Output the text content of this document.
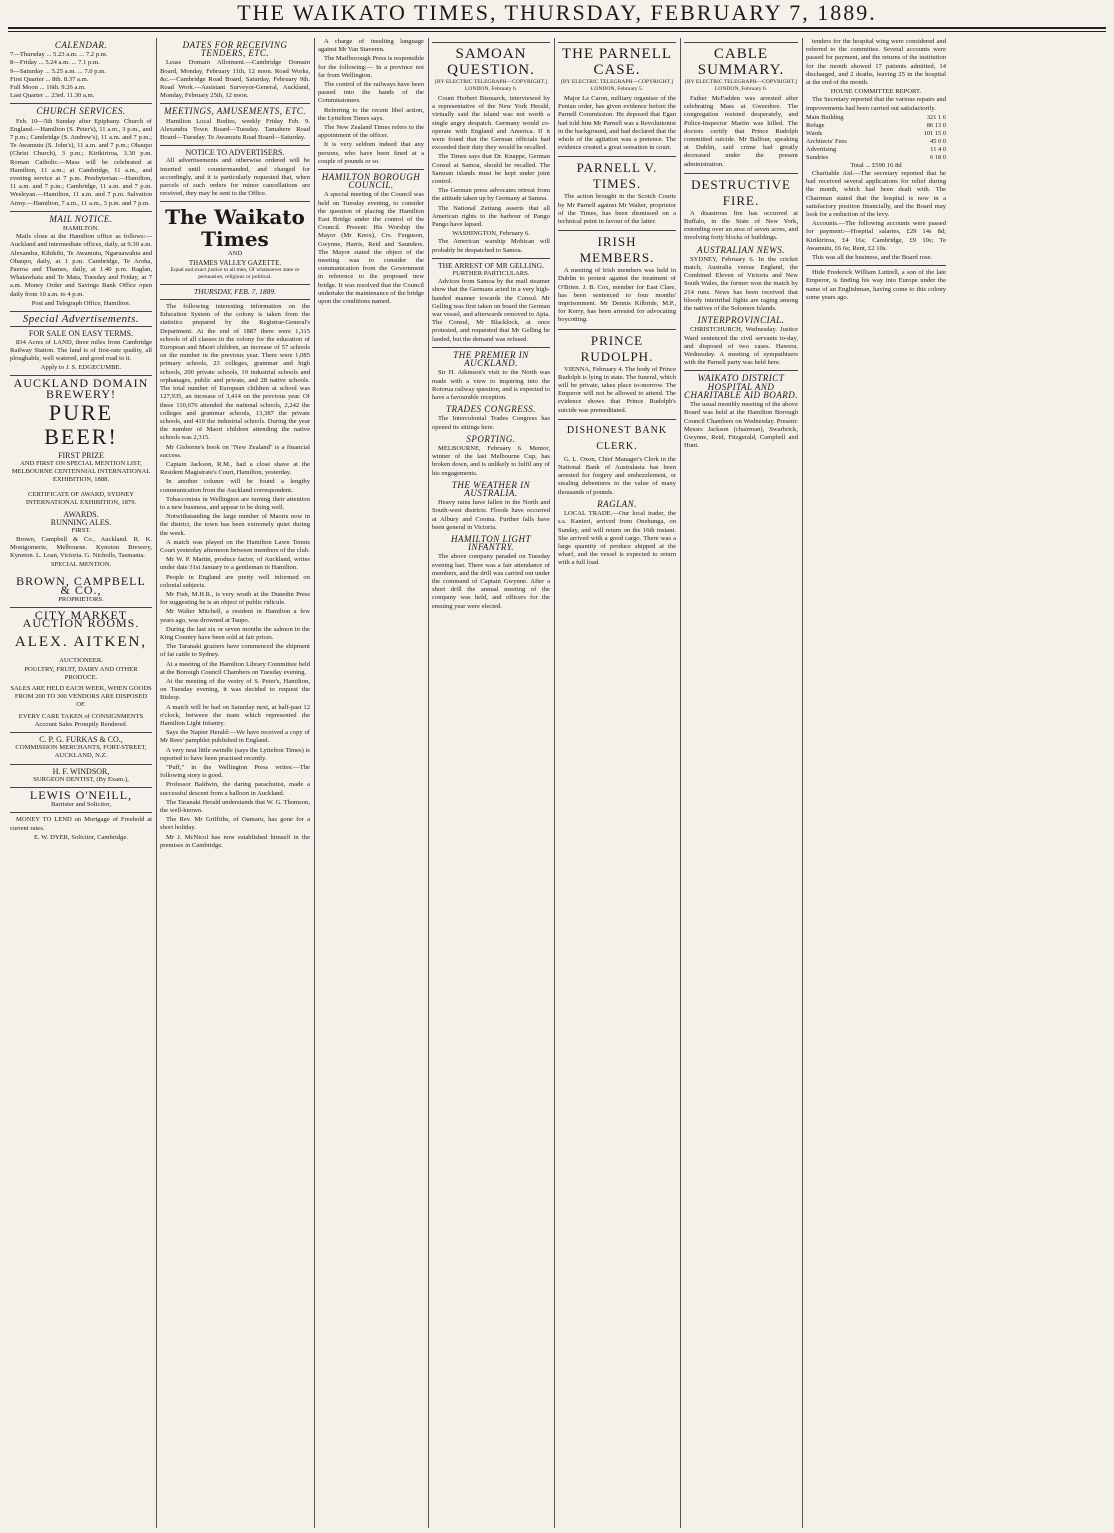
THE WAIKATO TIMES, THURSDAY, FEBRUARY 7, 1889.
CALENDAR.
7—Thursday ... 5.23 a.m. ... 7.2 p.m.
8—Friday ... 5.24 a.m. ... 7.1 p.m.
9—Saturday ... 5.25 a.m. ... 7.0 p.m.
First Quarter ... 8th. 8.37 a.m.
Full Moon ... 16th. 9.26 a.m.
Last Quarter ... 23rd. 11.30 a.m.
CHURCH SERVICES.

Feb. 10—5th Sunday after Epiphany. Church of England.—Hamilton (S. Peter's), 11 a.m., 3 p.m., and 7 p.m.; Cambridge (S. Andrew's), 11 a.m. and 7 p.m.; Te Awamutu (S. John's), 11 a.m. and 7 p.m.; Ohaupo (Christ Church), 3 p.m.; Kirikiriroa, 3.30 p.m. Roman Catholic.—Mass will be celebrated at Hamilton, 11 a.m.; at Cambridge, 11 a.m., and evening service at 7 p.m. Presbyterian.—Hamilton, 11 a.m. and 7 p.m.; Cambridge, 11 a.m. and 7 p.m. Wesleyan.—Hamilton, 11 a.m. and 7 p.m. Salvation Army.—Hamilton, 7 a.m., 11 a.m., 3 p.m. and 7 p.m.

MAIL NOTICE.
HAMILTON.

Mails close at the Hamilton office as follows:— Auckland and intermediate offices, daily, at 9.30 a.m. Alexandra, Kihikihi, Te Awamutu, Ngaruawahia and Ohaupo, daily, at 1 p.m. Cambridge, Te Aroha, Paeroa and Thames, daily, at 1.40 p.m. Raglan, Whatawhata and Te Mata, Tuesday and Friday, at 7 a.m. Money Order and Savings Bank Office open daily from 10 a.m. to 4 p.m.

Post and Telegraph Office, Hamilton.
Special Advertisements.
FOR SALE ON EASY TERMS.

834 Acres of LAND, three miles from Cambridge Railway Station. The land is of first-rate quality, all ploughable, well watered, and good road to it.

Apply to J. S. EDGECUMBE.
AUCKLAND DOMAIN
BREWERY!
PURE BEER!
FIRST PRIZE
AND FIRST ON SPECIAL MENTION LIST, MELBOURNE CENTENNIAL INTERNATIONAL EXHIBITION, 1888.
CERTIFICATE OF AWARD, SYDNEY INTERNATIONAL EXHIBITION, 1879.
AWARDS.
RUNNING ALES.
FIRST.

Brown, Campbell & Co., Auckland. R. K. Montgomerie, Melbourne. Kynoton Brewery, Kyneton. L. Loan, Victoria. G. Nicholls, Tasmania.

SPECIAL MENTION.
BROWN, CAMPBELL & CO.,
PROPRIETORS.
CITY MARKET AUCTION ROOMS.
ALEX. AITKEN,
AUCTIONEER.
POULTRY, FRUIT, DAIRY AND OTHER PRODUCE.
SALES ARE HELD EACH WEEK, WHEN GOODS FROM 200 TO 300 VENDORS ARE DISPOSED OF.
EVERY CARE TAKEN of CONSIGNMENTS
Account Sales Promptly Rendered.
C. P. G. FURKAS & CO.,
COMMISSION MERCHANTS, FORT-STREET, AUCKLAND, N.Z.
H. F. WINDSOR,
SURGEON DENTIST, (By Exam.),
LEWIS O'NEILL,
Barrister and Solicitor,

MONEY TO LEND on Mortgage of Freehold at current rates.

E. W. DYER, Solicitor, Cambridge.
DATES FOR RECEIVING TENDERS, ETC.

Lease Domain Allotment.—Cambridge Domain Board, Monday, February 11th, 12 noon. Road Works, &c.—Cambridge Road Board, Saturday, February 9th. Road Work.—Assistant Surveyor-General, Auckland, Monday, February 25th, 12 noon.

MEETINGS, AMUSEMENTS, ETC.

Hamilton Local Bodies, weekly Friday Feb. 9. Alexandra Town Board—Tuesday. Tamahere Road Board—Tuesday. Te Awamutu Road Board—Saturday.

NOTICE TO ADVERTISERS.

All advertisements and otherwise ordered will be inserted until countermanded, and charged for accordingly, and it is particularly requested that, when parcels of such orders for minor cancellations are received, they may be sent to the Office.

The Waikato Times
AND
THAMES VALLEY GAZETTE.
Equal and exact justice to all men, Of whatsoever state or persuasion, religious or political.
THURSDAY, FEB. 7, 1889.

The following interesting information on the Education System of the colony is taken from the statistics prepared by the Registrar-General's Department. At the end of 1887 there were 1,315 schools of all classes in the colony for the education of European and Maori children, an increase of 57 schools on the number in the previous year. There were 1,085 primary schools, 23 colleges, grammar and high schools, 200 private schools, 10 industrial schools and orphanages, public and private, and 28 native schools. The total number of European children at school was 127,935, an increase of 3,414 on the previous year. Of these 110,676 attended the national schools, 2,242 the colleges and grammar schools, 13,387 the private schools, and 410 the industrial schools. During the year the number of Maori children attending the native schools was 2,315.

Mr Gisborne's book on "New Zealand" is a financial success.

Captain Jackson, R.M., had a close shave at the Resident Magistrate's Court, Hamilton, yesterday.

In another column will be found a lengthy communication from the Auckland correspondent.

Tobacconists in Wellington are turning their attention to a new business, and appear to be doing well.

Notwithstanding the large number of Maoris now in the district, the town has been extremely quiet during the week.

A match was played on the Hamilton Lawn Tennis Court yesterday afternoon between members of the club.

Mr W. P. Martin, produce factor, of Auckland, writes under date 31st January to a gentleman in Hamilton.

People in England are pretty well informed on colonial subjects.

Mr Fish, M.H.R., is very wrath at the Dunedin Press for suggesting he is an object of public ridicule.

Mr Walter Mitchell, a resident in Hamilton a few years ago, was drowned at Taupo.

During the last six or seven months the salmon in the King Country have been sold at fair prices.

The Taranaki graziers have commenced the shipment of fat cattle to Sydney.

At a meeting of the Hamilton Library Committee held at the Borough Council Chambers on Tuesday evening.

At the meeting of the vestry of S. Peter's, Hamilton, on Tuesday evening, it was decided to request the Bishop.

A match will be had on Saturday next, at half-past 12 o'clock, between the team which represented the Hamilton Light Infantry.

Says the Napier Herald:—We have received a copy of Mr Rees' pamphlet published in England.

A very neat little swindle (says the Lyttelton Times) is reported to have been practised recently.

"Puff," in the Wellington Press writes:—The following story is good.

Professor Baldwin, the daring parachutist, made a successful descent from a balloon in Auckland.

The Taranaki Herald understands that W. G. Thomson, the well-known.

The Rev. Mr Griffiths, of Oamaru, has gone for a short holiday.

Mr J. McNicol has now established himself in the premises in Cambridge.

A charge of insulting language against Mr Van Staveren.

The Marlborough Press is responsible for the following:— In a province not far from Wellington.

The control of the railways have been passed into the hands of the Commissioners.

Referring to the recent libel action, the Lyttelton Times says.

The New Zealand Times refers to the appointment of the officer.

It is very seldom indeed that any persons, who have been fined at a couple of pounds or so.

HAMILTON BOROUGH COUNCIL.

A special meeting of the Council was held on Tuesday evening, to consider the question of placing the Hamilton East Bridge under the control of the Council. Present: His Worship the Mayor (Mr Knox), Crs. Ferguson, Gwynne, Harris, Reid and Saunders. The Mayor stated the object of the meeting was to consider the communication from the Government in reference to the proposed new bridge. It was resolved that the Council undertake the maintenance of the bridge upon the conditions named.

SAMOAN QUESTION.
[BY ELECTRIC TELEGRAPH—COPYRIGHT.] LONDON, February 6.

Count Herbert Bismarck, interviewed by a representative of the New York Herald, virtually said the island was not worth a single angry despatch. Germany would co-operate with England and America. If it were found that the German officials had exceeded their duty they would be recalled.

The Times says that Dr. Knappe, German Consul at Samoa, should be recalled. The Samoan islands must be kept under joint control.

The German press advocates retreat from the attitude taken up by Germany at Samoa.

The National Zeitung asserts that all American rights to the harbour of Pango Pango have lapsed.

WASHINGTON, February 6.

The American warship Mohican will probably be despatched to Samoa.

THE ARREST OF MR GELLING.
FURTHER PARTICULARS.

Advices from Samoa by the mail steamer show that the Germans acted in a very high-handed manner towards the Consul. Mr Gelling was first taken on board the German war vessel, and afterwards removed to Apia. The Consul, Mr Blacklock, at once protested, and requested that Mr Gelling be landed, but the demand was refused.

THE PREMIER IN AUCKLAND.

Sir H. Atkinson's visit to the North was made with a view to inquiring into the Rotorua railway question, and is expected to have a favourable reception.

TRADES CONGRESS.

The Intercolonial Trades Congress has opened its sittings here.

SPORTING.

MELBOURNE, February 6. Mentor, winner of the last Melbourne Cup, has broken down, and is unlikely to fulfil any of his engagements.

THE WEATHER IN AUSTRALIA.

Heavy rains have fallen in the North and South-west districts. Floods have occurred at Albury and Cooma. Further falls have been general in Victoria.

HAMILTON LIGHT INFANTRY.

The above company paraded on Tuesday evening last. There was a fair attendance of members, and the drill was carried out under the command of Captain Gwynne. After a short drill the annual meeting of the company was held, and officers for the ensuing year were elected.

THE PARNELL CASE.
[BY ELECTRIC TELEGRAPH—COPYRIGHT.] LONDON, February 5.

Major Le Caron, military organiser of the Fenian order, has given evidence before the Parnell Commission. He deposed that Egan had told him Mr Parnell was a Revolutionist in the background, and had declared that the whole of the agitation was a pretence. The evidence created a great sensation in court.

PARNELL V. TIMES.

The action brought in the Scotch Courts by Mr Parnell against Mr Walter, proprietor of the Times, has been dismissed on a technical point in favour of the latter.

IRISH MEMBERS.

A meeting of Irish members was held in Dublin to protest against the treatment of O'Brien. J. B. Cox, member for East Clare, has been sentenced to four months' imprisonment. Mr Dennis Kilbride, M.P., for Kerry, has been arrested for advocating boycotting.

PRINCE RUDOLPH.

VIENNA, February 4. The body of Prince Rudolph is lying in state. The funeral, which will be private, takes place to-morrow. The Emperor will not be allowed to attend. The evidence shows that Prince Rudolph's suicide was premeditated.

DISHONEST BANK CLERK.

G. L. Oxon, Chief Manager's Clerk in the National Bank of Australasia has been arrested for forgery and embezzlement, or stealing debentures to the value of many thousands of pounds.

RAGLAN.

LOCAL TRADE.—Our local trader, the s.s. Kanieri, arrived from Onehunga, on Sunday, and will return on the 16th instant. She arrived with a good cargo. There was a large quantity of produce shipped at the wharf, and the vessel is expected to return with a full load.

CABLE SUMMARY.
[BY ELECTRIC TELEGRAPH—COPYRIGHT.] LONDON, February 6.

Father McFadden was arrested after celebrating Mass at Gweedore. The congregation resisted desperately, and Police-Inspector Martin was killed. The doctors certify that Prince Rudolph committed suicide. Mr Balfour, speaking at Dublin, said crime had greatly decreased under the present administration.

DESTRUCTIVE FIRE.

A disastrous fire has occurred at Buffalo, in the State of New York, extending over an area of seven acres, and involving forty blocks of buildings.

AUSTRALIAN NEWS.

SYDNEY, February 6. In the cricket match, Australia versus England, the Combined Eleven of Victoria and New South Wales, the former won the match by 214 runs. News has been received that bloody intertribal fights are raging among the natives of the Solomon Islands.

INTERPROVINCIAL.

CHRISTCHURCH, Wednesday. Justice Ward sentenced the civil servants to-day, and disposed of two cases. Hawera, Wednesday. A meeting of sympathisers with the Parnell party was held here.

WAIKATO DISTRICT HOSPITAL AND CHARITABLE AID BOARD.

The usual monthly meeting of the above Board was held at the Hamilton Borough Council Chambers on Wednesday. Present: Messrs Jackson (chairman), Swarbrick, Gwynne, Reid, Fitzgerald, Campbell and Hunt.

tenders for the hospital wing were considered and referred to the committee. Several accounts were passed for payment, and the returns of the institution for the month showed 17 patients admitted, 14 discharged, and 2 deaths, leaving 25 in the hospital at the end of the month.

HOUSE COMMITTEE REPORT.

The Secretary reported that the various repairs and improvements had been carried out satisfactorily.

Main Building	321 1 6
Refuge	86 13 0
Wards	101 15 0
Architects' Fees	45 0 0
Advertising	11 4 0
Sundries	6 18 0
Total ... £590 16 8d

Charitable Aid.—The secretary reported that he had received several applications for relief during the month, which had been dealt with. The Chairman stated that the hospital is now in a satisfactory position financially, and the Board may look for a reduction of the levy.

Accounts.—The following accounts were passed for payment:—Hospital salaries, £29 14s 8d; Kirikiriroa, £4 16s; Cambridge, £9 10s; Te Awamutu, £6 6s; Rent, £2 10s.

This was all the business, and the Board rose.

Hide Frederick William Luttrell, a son of the late Emperor, is finding his way into Europe under the name of an Englishman, having come to this colony some years ago.
